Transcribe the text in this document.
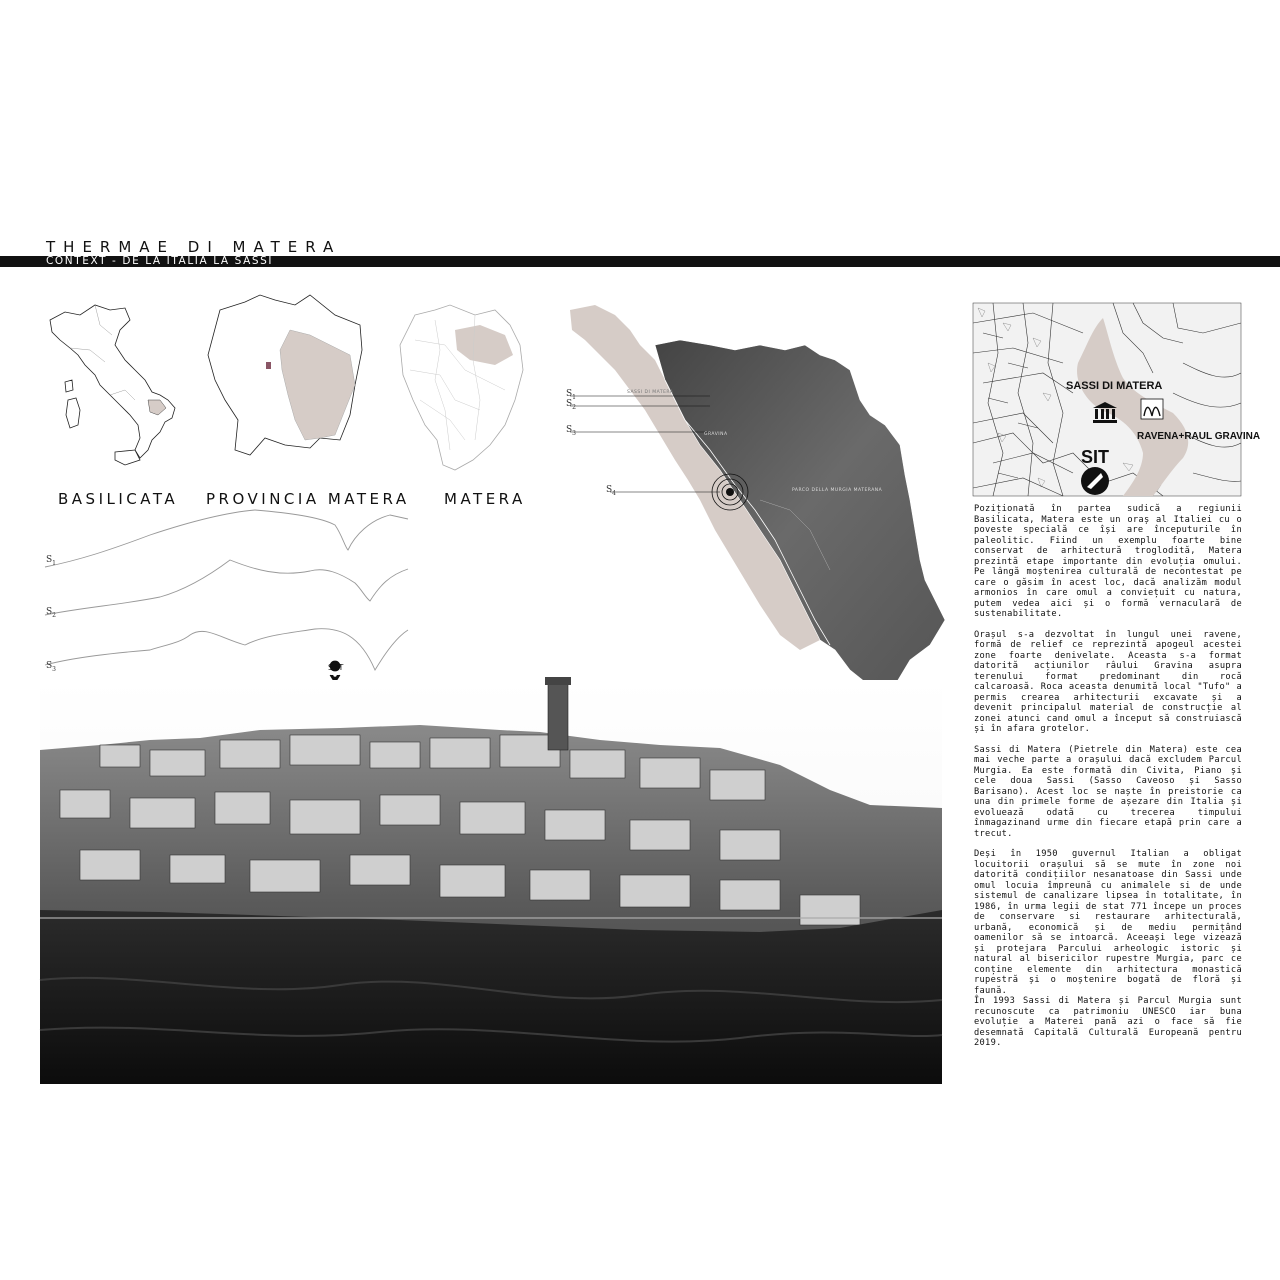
THERMAE DI MATERA
CONTEXT - DE LA ITALIA LA SASSI
BASILICATA PROVINCIA MATERA MATERA
$S_1$
$S_2$
$S_3$	SIT
SASSI DI MATERA
PARCO DELLA MURGIA MATERANA
GRAVINA
$S_1$
$S_2$
$S_3$
$S_4$
SASSI DI MATERA
RAVENA+RAUL GRAVINA
SIT

Poziționată în partea sudică a regiunii Basilicata, Matera este un oraș al Italiei cu o poveste specială ce își are începuturile în paleolitic. Fiind un exemplu foarte bine conservat de arhitectură troglodită, Matera prezintă etape importante din evoluția omului. Pe lângă moștenirea culturală de necontestat pe care o găsim în acest loc, dacă analizăm modul armonios în care omul a conviețuit cu natura, putem vedea aici și o formă vernaculară de sustenabilitate.

Orașul s-a dezvoltat în lungul unei ravene, formă de relief ce reprezintă apogeul acestei zone foarte denivelate. Aceasta s-a format datorită acțiunilor râului Gravina asupra terenului format predominant din rocă calcaroasă. Roca aceasta denumită local "Tufo" a permis crearea arhitecturii excavate și a devenit principalul material de construcție al zonei atunci cand omul a început să construiască și în afara grotelor.

Sassi di Matera (Pietrele din Matera) este cea mai veche parte a orașului dacă excludem Parcul Murgia. Ea este formată din Civita, Piano și cele doua Sassi (Sasso Caveoso și Sasso Barisano). Acest loc se naște în preistorie ca una din primele forme de așezare din Italia și evoluează odată cu trecerea timpului înmagazinand urme din fiecare etapă prin care a trecut.

Deși în 1950 guvernul Italian a obligat locuitorii orașului să se mute în zone noi datorită condițiilor nesanatoase din Sassi unde omul locuia împreună cu animalele si de unde sistemul de canalizare lipsea în totalitate, în 1986, în urma legii de stat 771 începe un proces de conservare si restaurare arhitecturală, urbană, economică și de mediu permițând oamenilor să se intoarcă. Aceeași lege vizează și protejara Parcului arheologic istoric și natural al bisericilor rupestre Murgia, parc ce conține elemente din arhitectura monastică rupestră și o moștenire bogată de floră și faună.

În 1993 Sassi di Matera și Parcul Murgia sunt recunoscute ca patrimoniu UNESCO iar buna evoluție a Materei pană azi o face să fie desemnată Capitală Culturală Europeană pentru 2019.
